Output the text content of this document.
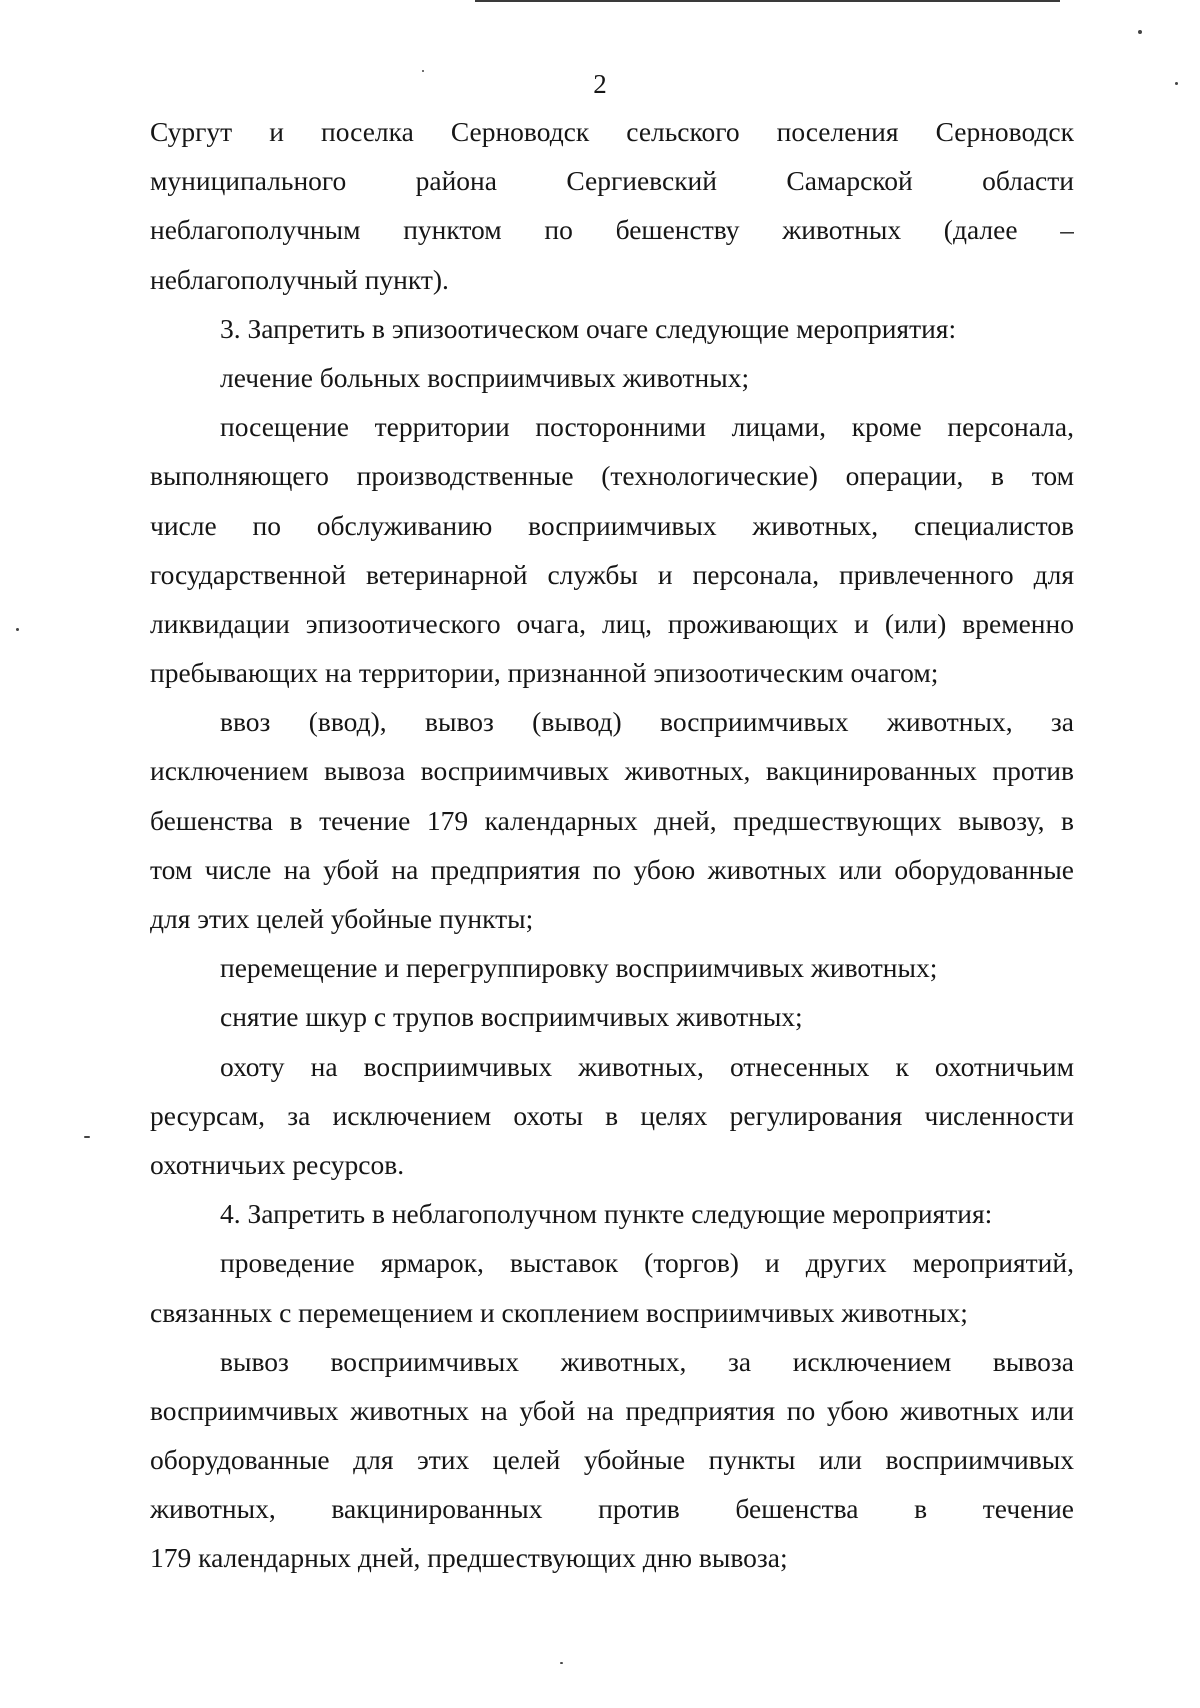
2
Сургут и поселка Серноводск сельского поселения Серноводск
муниципального района Сергиевский Самарской области
неблагополучным пунктом по бешенству животных (далее –
неблагополучный пункт).
3. Запретить в эпизоотическом очаге следующие мероприятия:
лечение больных восприимчивых животных;
посещение территории посторонними лицами, кроме персонала,
выполняющего производственные (технологические) операции, в том
числе по обслуживанию восприимчивых животных, специалистов
государственной ветеринарной службы и персонала, привлеченного для
ликвидации эпизоотического очага, лиц, проживающих и (или) временно
пребывающих на территории, признанной эпизоотическим очагом;
ввоз (ввод), вывоз (вывод) восприимчивых животных, за
исключением вывоза восприимчивых животных, вакцинированных против
бешенства в течение 179 календарных дней, предшествующих вывозу, в
том числе на убой на предприятия по убою животных или оборудованные
для этих целей убойные пункты;
перемещение и перегруппировку восприимчивых животных;
снятие шкур с трупов восприимчивых животных;
охоту на восприимчивых животных, отнесенных к охотничьим
ресурсам, за исключением охоты в целях регулирования численности
охотничьих ресурсов.
4. Запретить в неблагополучном пункте следующие мероприятия:
проведение ярмарок, выставок (торгов) и других мероприятий,
связанных с перемещением и скоплением восприимчивых животных;
вывоз восприимчивых животных, за исключением вывоза
восприимчивых животных на убой на предприятия по убою животных или
оборудованные для этих целей убойные пункты или восприимчивых
животных, вакцинированных против бешенства в течение
179 календарных дней, предшествующих дню вывоза;
